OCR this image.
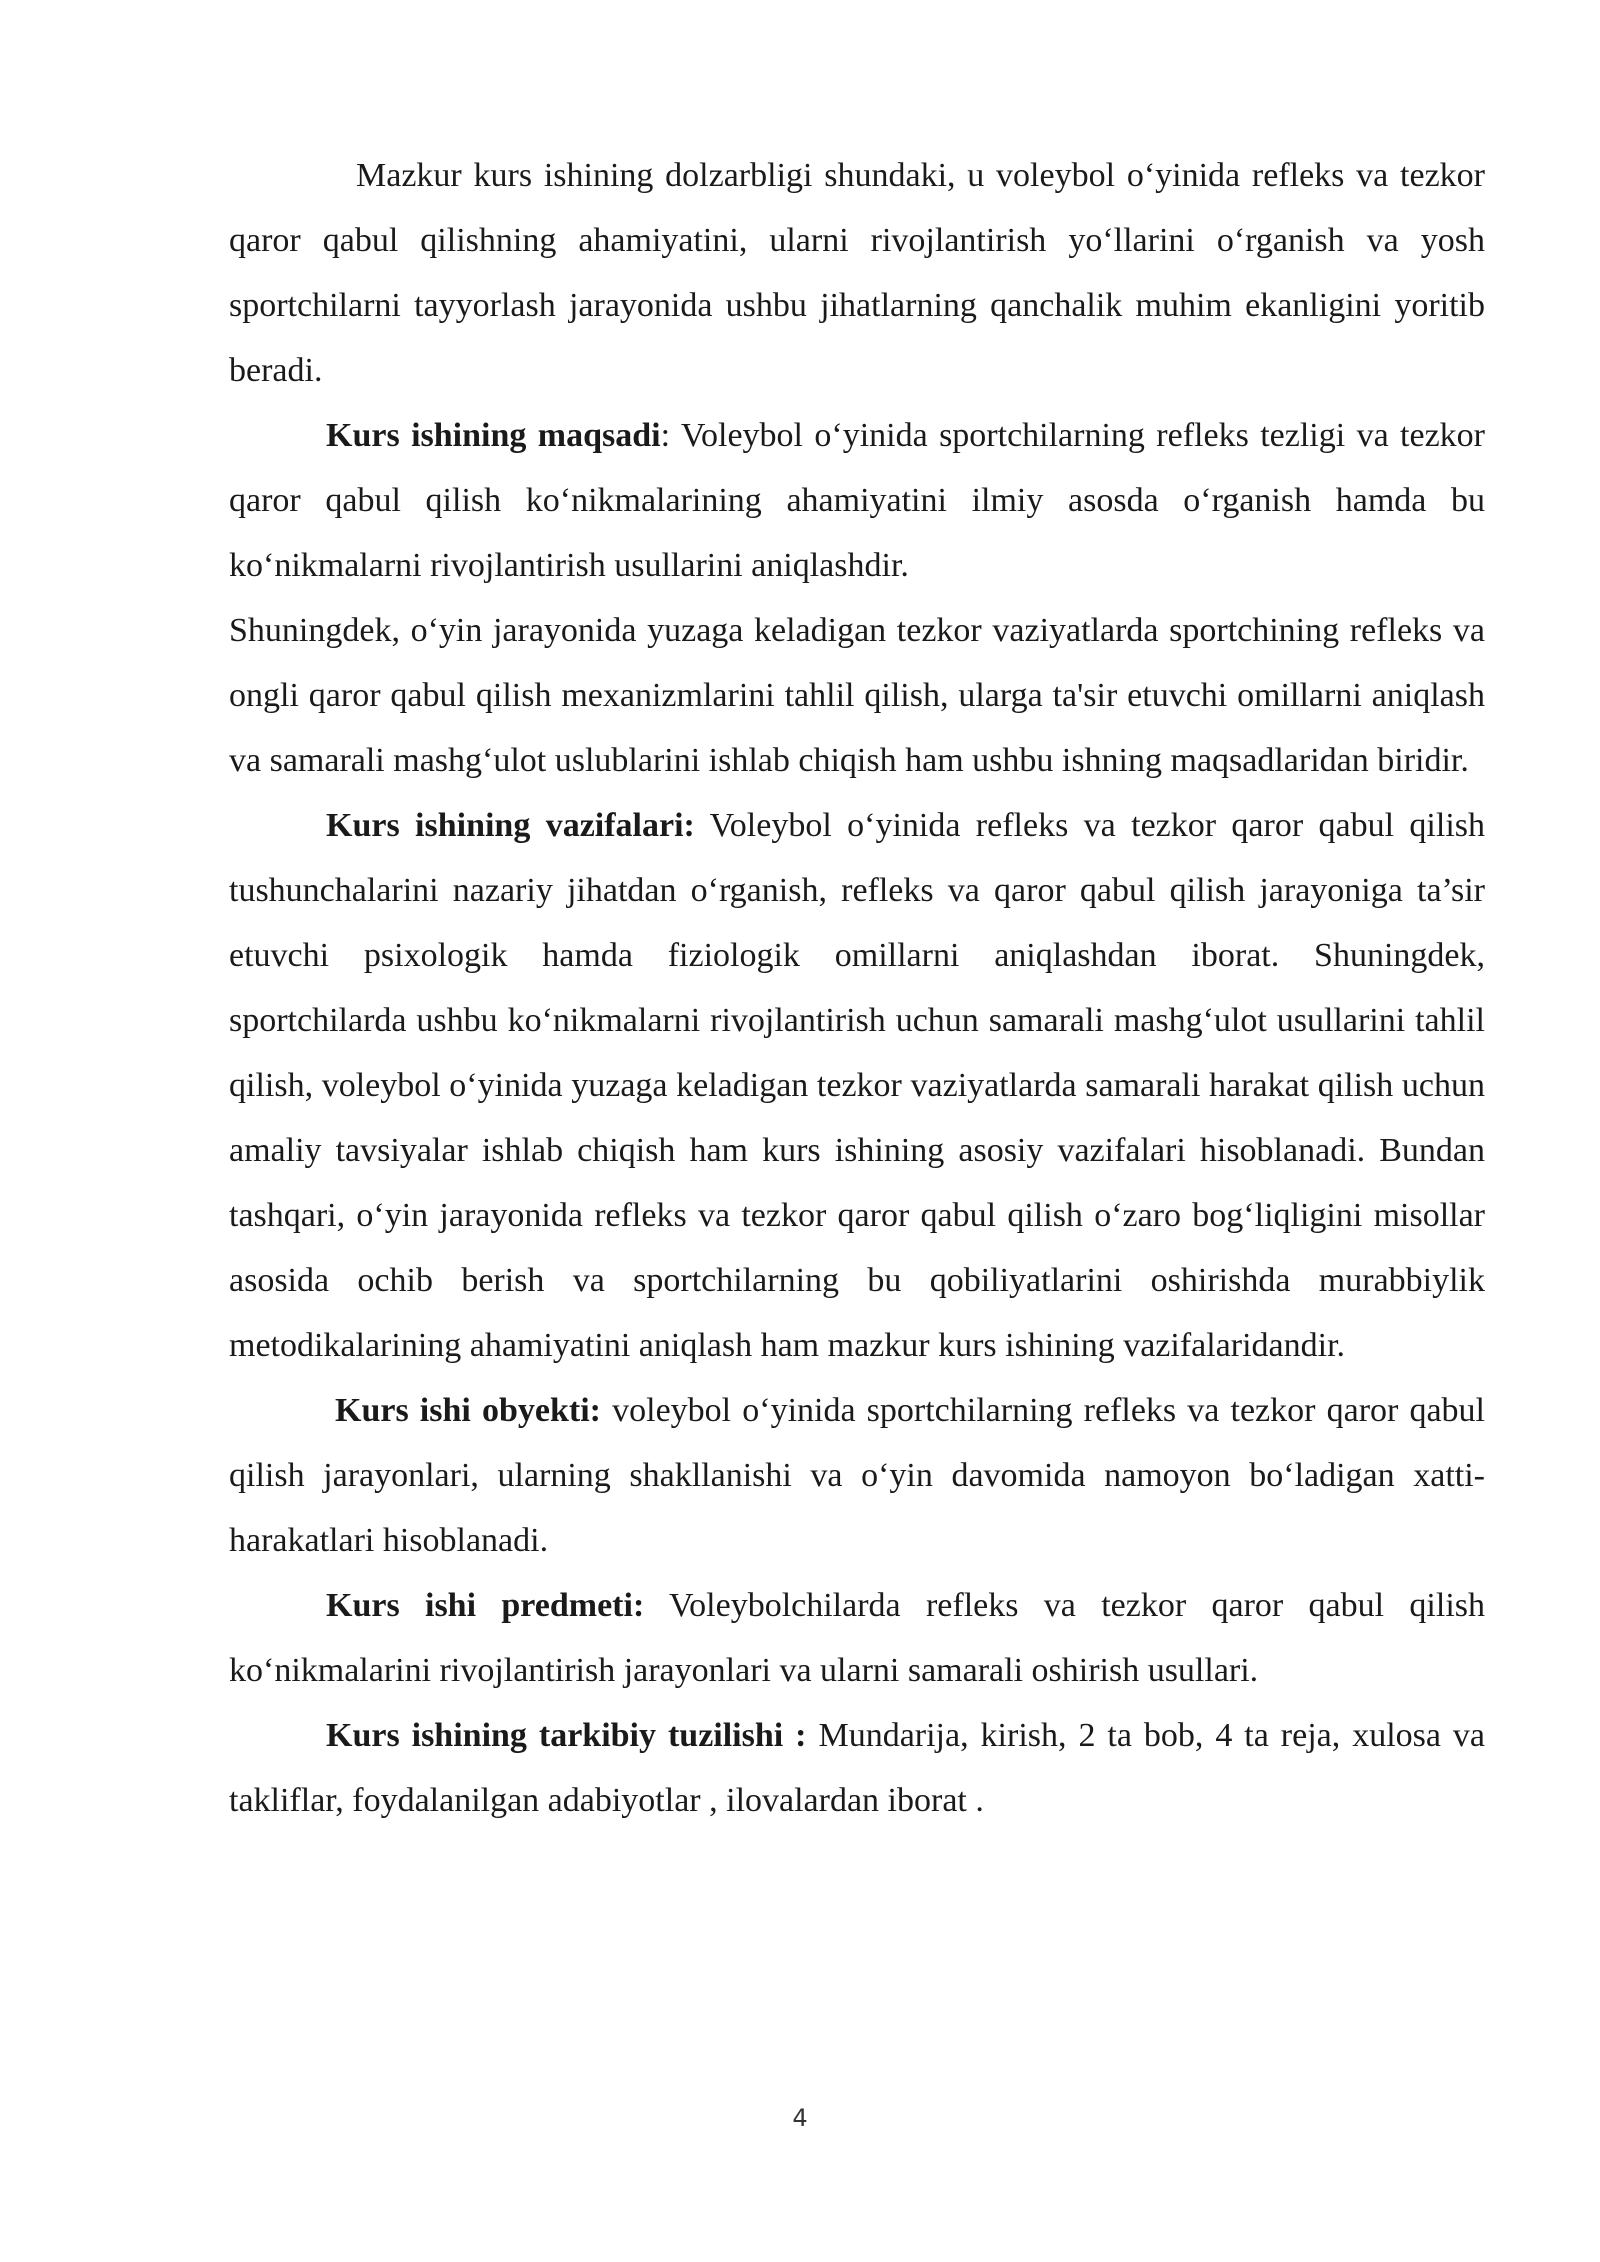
Mazkur kurs ishining dolzarbligi shundaki, u voleybol o‘yinida refleks va tezkor qaror qabul qilishning ahamiyatini, ularni rivojlantirish yo‘llarini o‘rganish va yosh sportchilarni tayyorlash jarayonida ushbu jihatlarning qanchalik muhim ekanligini yoritib beradi.

Kurs ishining maqsadi: Voleybol o‘yinida sportchilarning refleks tezligi va tezkor qaror qabul qilish ko‘nikmalarining ahamiyatini ilmiy asosda o‘rganish hamda bu ko‘nikmalarni rivojlantirish usullarini aniqlashdir.

Shuningdek, o‘yin jarayonida yuzaga keladigan tezkor vaziyatlarda sportchining refleks va ongli qaror qabul qilish mexanizmlarini tahlil qilish, ularga ta'sir etuvchi omillarni aniqlash va samarali mashg‘ulot uslublarini ishlab chiqish ham ushbu ishning maqsadlaridan biridir.

Kurs ishining vazifalari: Voleybol o‘yinida refleks va tezkor qaror qabul qilish tushunchalarini nazariy jihatdan o‘rganish, refleks va qaror qabul qilish jarayoniga ta’sir etuvchi psixologik hamda fiziologik omillarni aniqlashdan iborat. Shuningdek, sportchilarda ushbu ko‘nikmalarni rivojlantirish uchun samarali mashg‘ulot usullarini tahlil qilish, voleybol o‘yinida yuzaga keladigan tezkor vaziyatlarda samarali harakat qilish uchun amaliy tavsiyalar ishlab chiqish ham kurs ishining asosiy vazifalari hisoblanadi. Bundan tashqari, o‘yin jarayonida refleks va tezkor qaror qabul qilish o‘zaro bog‘liqligini misollar asosida ochib berish va sportchilarning bu qobiliyatlarini oshirishda murabbiylik metodikalarining ahamiyatini aniqlash ham mazkur kurs ishining vazifalaridandir.

Kurs ishi obyekti: voleybol o‘yinida sportchilarning refleks va tezkor qaror qabul qilish jarayonlari, ularning shakllanishi va o‘yin davomida namoyon bo‘ladigan xatti-harakatlari hisoblanadi.

Kurs ishi predmeti: Voleybolchilarda refleks va tezkor qaror qabul qilish ko‘nikmalarini rivojlantirish jarayonlari va ularni samarali oshirish usullari.

Kurs ishining tarkibiy tuzilishi : Mundarija, kirish, 2 ta bob, 4 ta reja, xulosa va takliflar, foydalanilgan adabiyotlar , ilovalardan iborat .

4
